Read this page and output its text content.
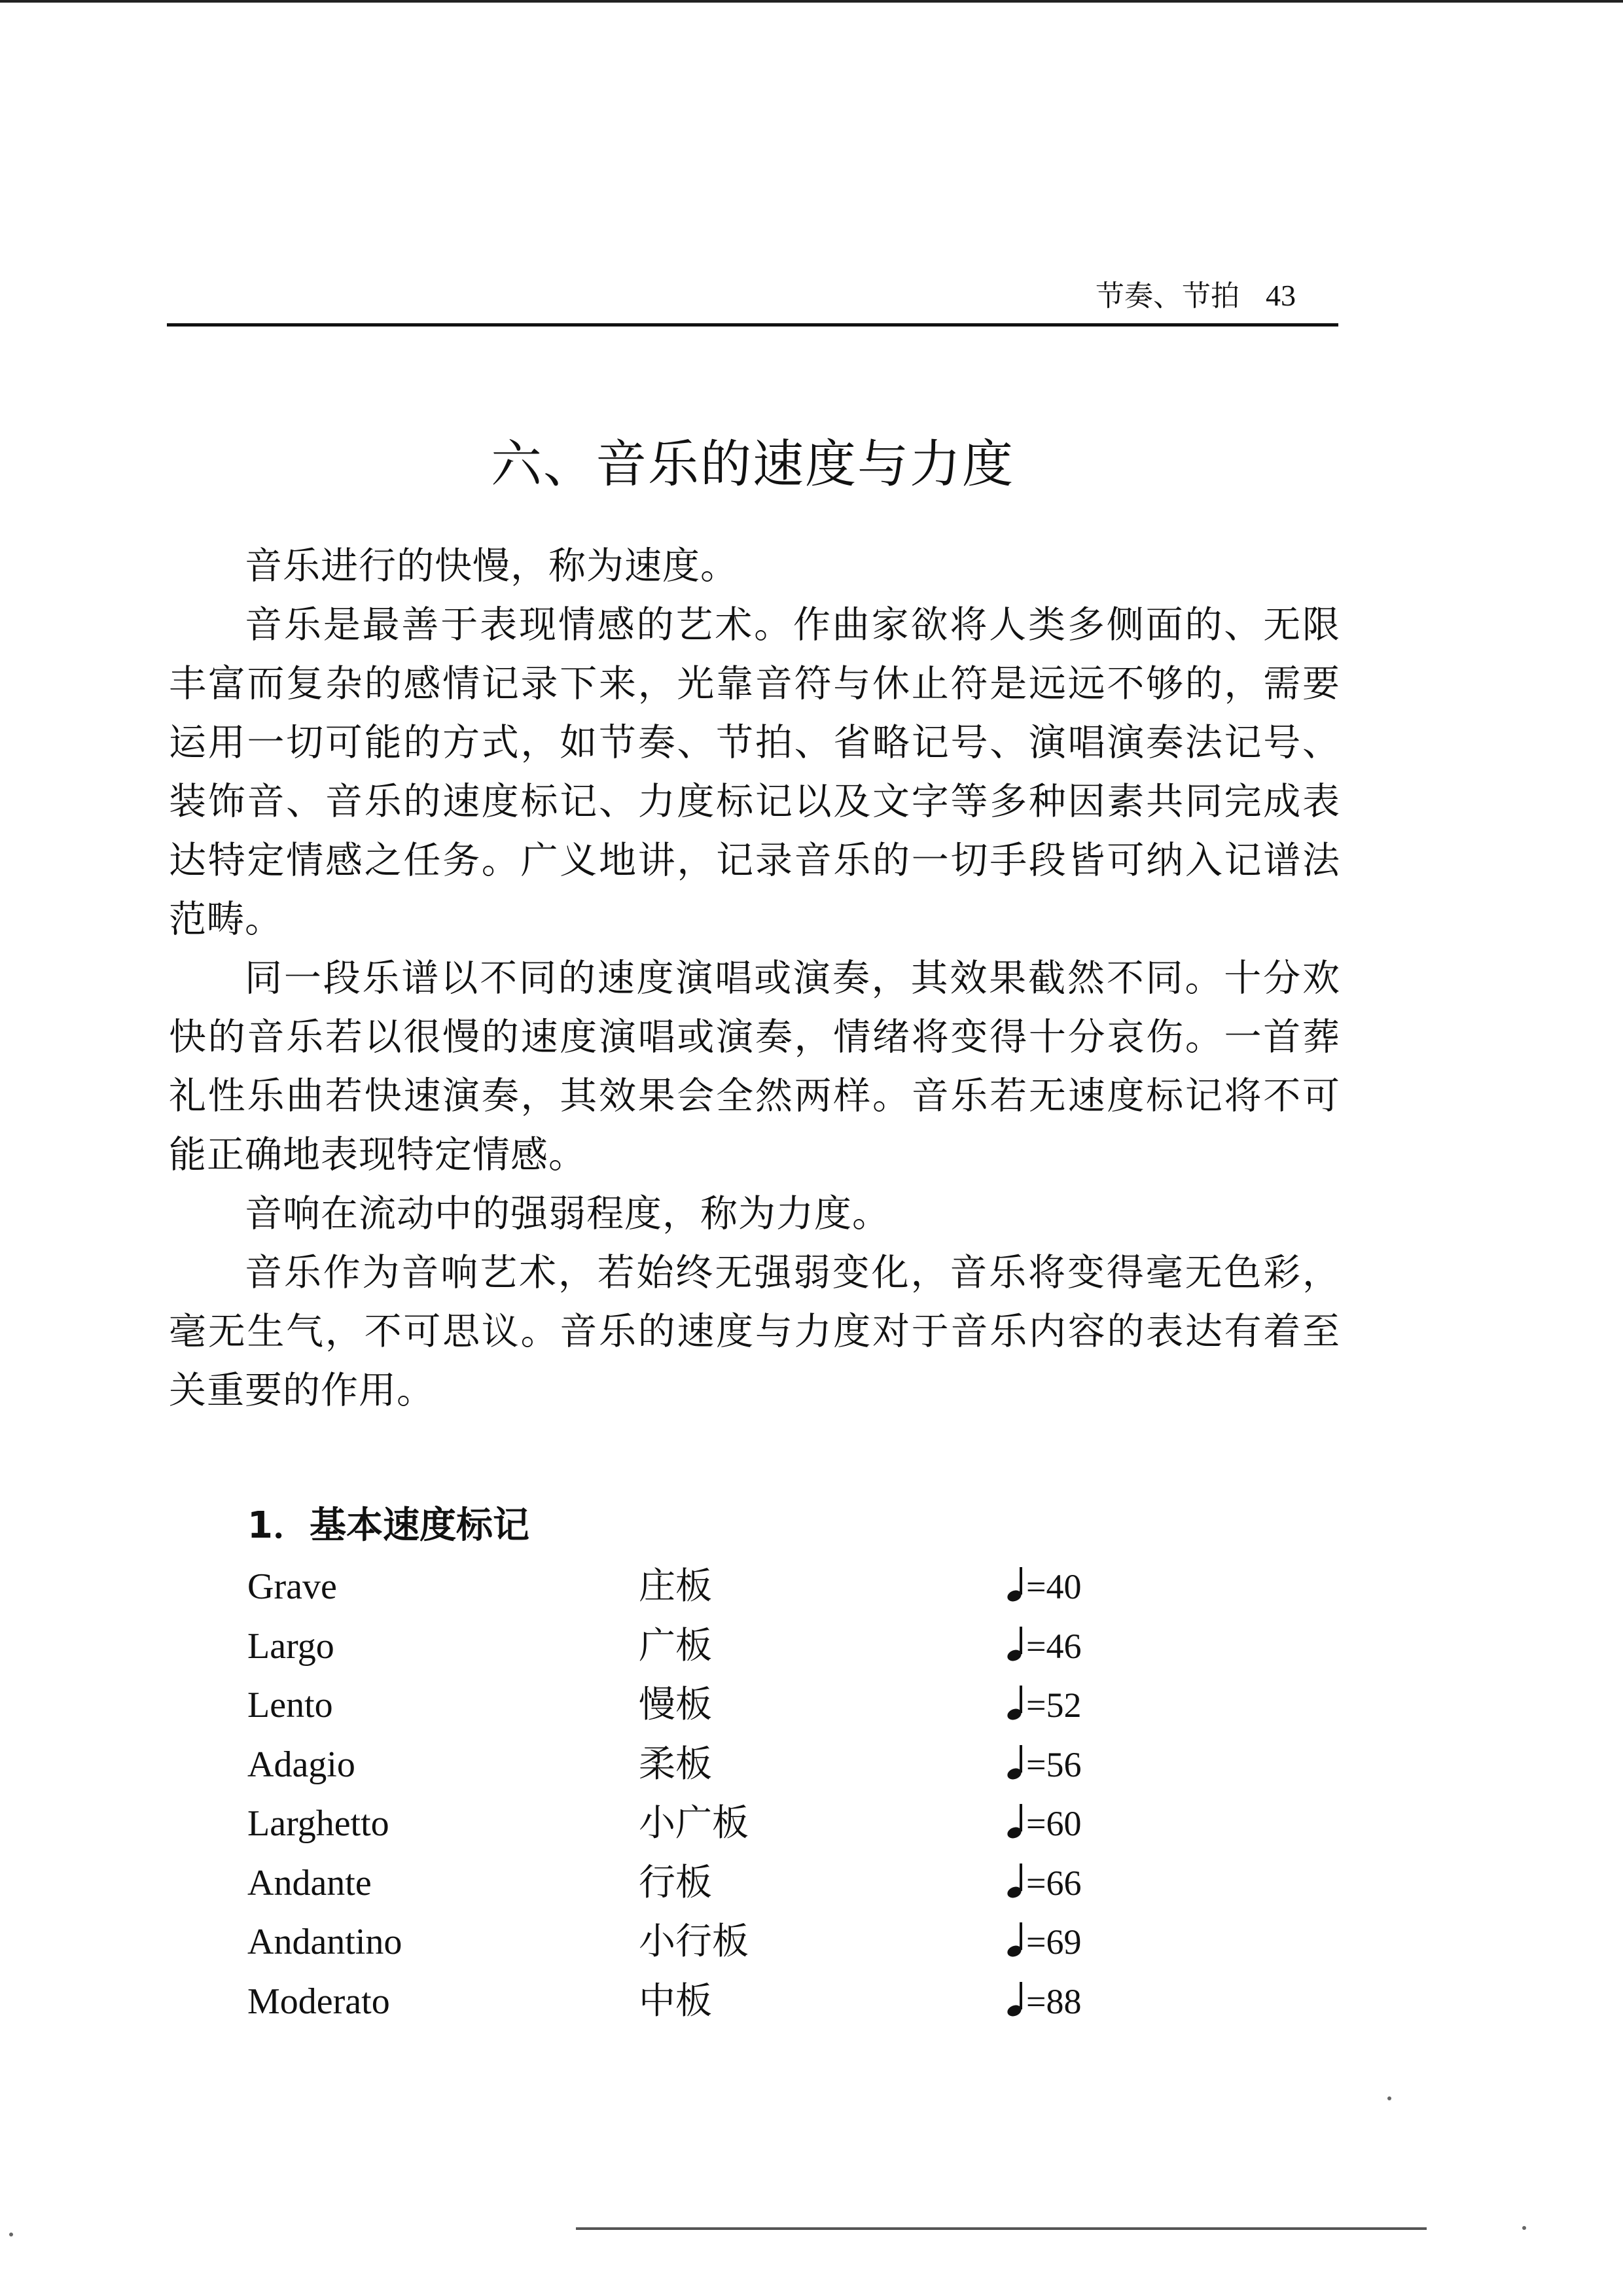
节奏、节拍 43
六、音乐的速度与力度

音乐进行的快慢，称为速度。

音乐是最善于表现情感的艺术。作曲家欲将人类多侧面的、无限丰富而复杂的感情记录下来，光靠音符与休止符是远远不够的，需要运用一切可能的方式，如节奏、节拍、省略记号、演唱演奏法记号、装饰音、音乐的速度标记、力度标记以及文字等多种因素共同完成表达特定情感之任务。广义地讲，记录音乐的一切手段皆可纳入记谱法范畴。

同一段乐谱以不同的速度演唱或演奏，其效果截然不同。十分欢快的音乐若以很慢的速度演唱或演奏，情绪将变得十分哀伤。一首葬礼性乐曲若快速演奏，其效果会全然两样。音乐若无速度标记将不可能正确地表现特定情感。

音响在流动中的强弱程度，称为力度。

音乐作为音响艺术，若始终无强弱变化，音乐将变得毫无色彩，毫无生气，不可思议。音乐的速度与力度对于音乐内容的表达有着至关重要的作用。

1．基本速度标记
Grave	庄板	=40
Largo	广板	=46
Lento	慢板	=52
Adagio	柔板	=56
Larghetto	小广板	=60
Andante	行板	=66
Andantino	小行板	=69
Moderato	中板	=88
